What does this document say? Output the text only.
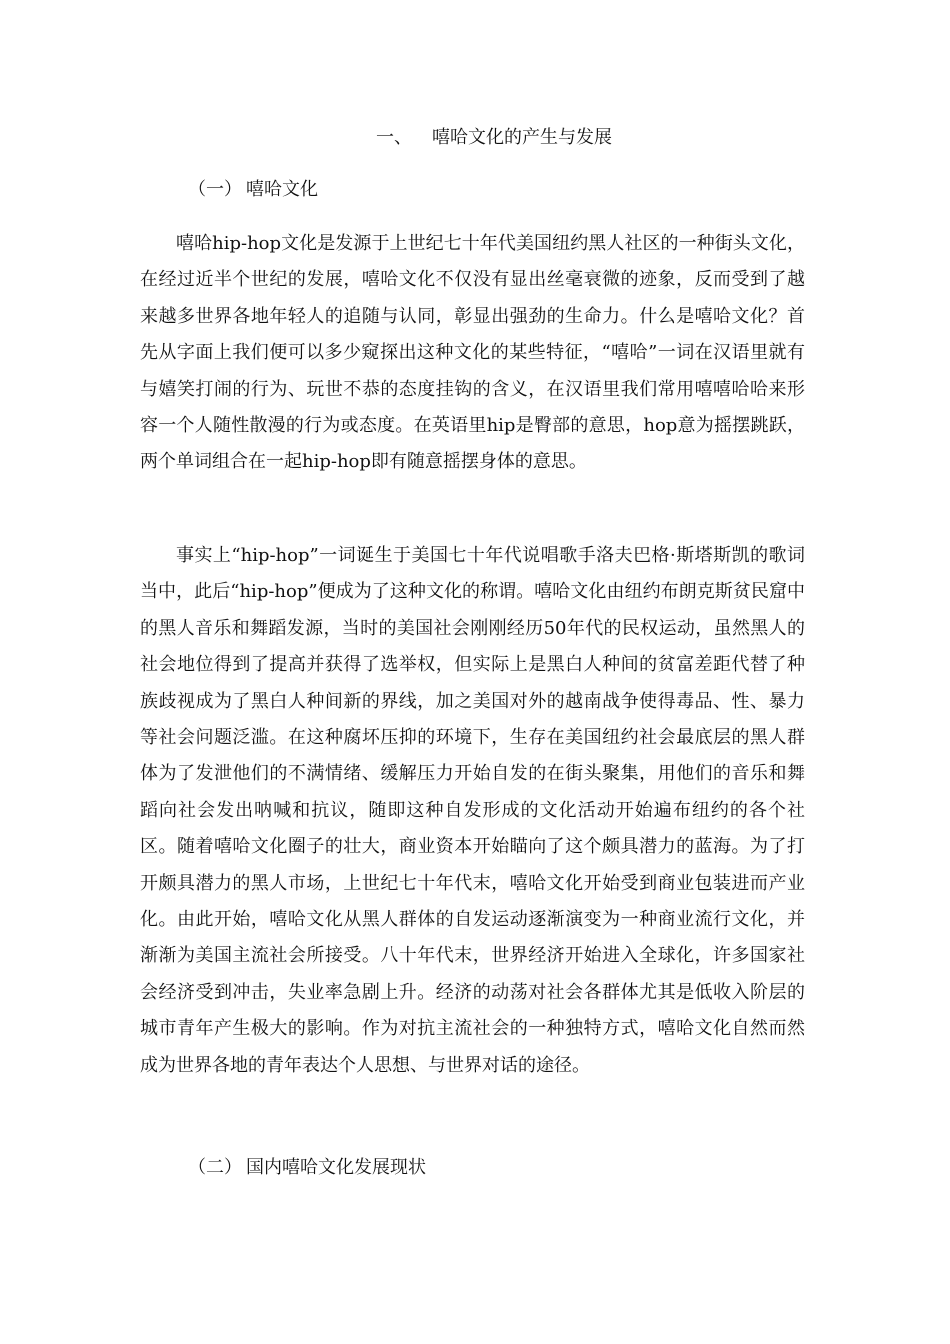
一、 嘻哈文化的产生与发展
（一） 嘻哈文化

嘻哈hip-hop文化是发源于上世纪七十年代美国纽约黑人社区的一种街头文化，在经过近半个世纪的发展，嘻哈文化不仅没有显出丝毫衰微的迹象，反而受到了越来越多世界各地年轻人的追随与认同，彰显出强劲的生命力。什么是嘻哈文化？首先从字面上我们便可以多少窥探出这种文化的某些特征，“嘻哈”一词在汉语里就有与嬉笑打闹的行为、玩世不恭的态度挂钩的含义，在汉语里我们常用嘻嘻哈哈来形容一个人随性散漫的行为或态度。在英语里hip是臀部的意思，hop意为摇摆跳跃，两个单词组合在一起hip-hop即有随意摇摆身体的意思。

事实上“hip-hop”一词诞生于美国七十年代说唱歌手洛夫巴格·斯塔斯凯的歌词当中，此后“hip-hop”便成为了这种文化的称谓。嘻哈文化由纽约布朗克斯贫民窟中的黑人音乐和舞蹈发源，当时的美国社会刚刚经历50年代的民权运动，虽然黑人的社会地位得到了提高并获得了选举权，但实际上是黑白人种间的贫富差距代替了种族歧视成为了黑白人种间新的界线，加之美国对外的越南战争使得毒品、性、暴力等社会问题泛滥。在这种腐坏压抑的环境下，生存在美国纽约社会最底层的黑人群体为了发泄他们的不满情绪、缓解压力开始自发的在街头聚集，用他们的音乐和舞蹈向社会发出呐喊和抗议，随即这种自发形成的文化活动开始遍布纽约的各个社区。随着嘻哈文化圈子的壮大，商业资本开始瞄向了这个颇具潜力的蓝海。为了打开颇具潜力的黑人市场，上世纪七十年代末，嘻哈文化开始受到商业包装进而产业化。由此开始，嘻哈文化从黑人群体的自发运动逐渐演变为一种商业流行文化，并渐渐为美国主流社会所接受。八十年代末，世界经济开始进入全球化，许多国家社会经济受到冲击，失业率急剧上升。经济的动荡对社会各群体尤其是低收入阶层的城市青年产生极大的影响。作为对抗主流社会的一种独特方式，嘻哈文化自然而然成为世界各地的青年表达个人思想、与世界对话的途径。

（二） 国内嘻哈文化发展现状
